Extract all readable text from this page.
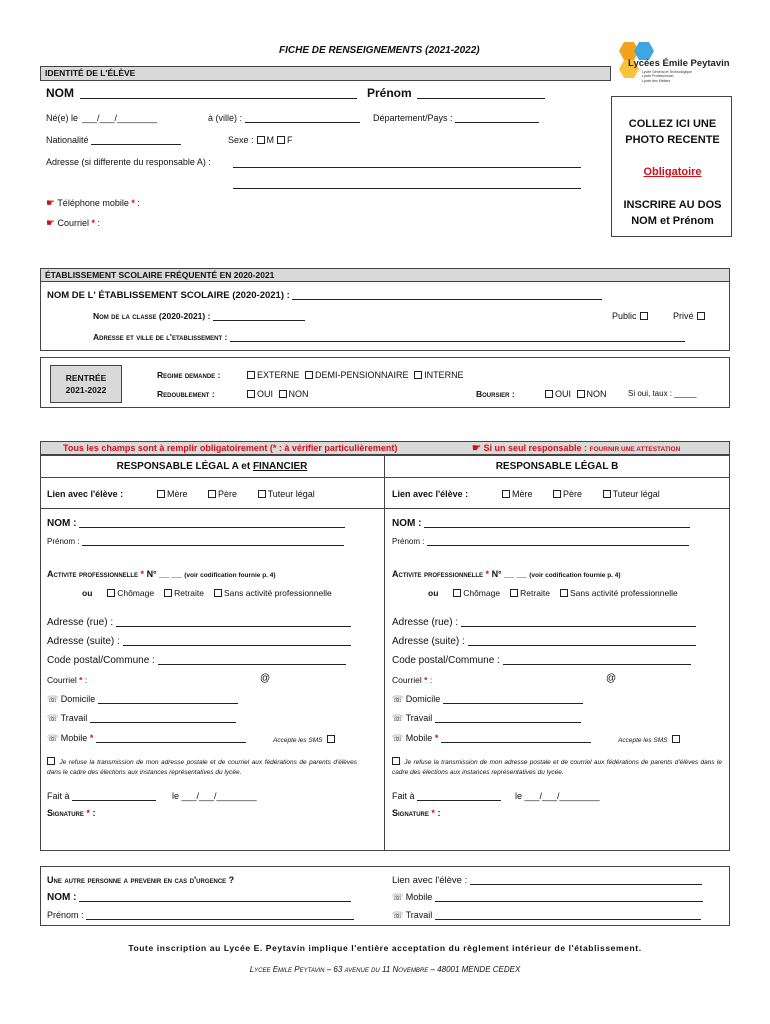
FICHE DE RENSEIGNEMENTS (2021-2022)
Lycées Émile Peytavin
Lycée Général et Technologique
Lycée Professionnel
Lycée des Métiers
COLLEZ ICI UNE
PHOTO RECENTE
Obligatoire
INSCRIRE AU DOS
NOM et Prénom
IDENTITÉ DE L'ÉLÈVE
NOM	Prénom
Né(e) le ___/___/________	à (ville) :	Département/Pays :
Nationalité	Sexe : M F
Adresse (si differente du responsable A) :
☛ Téléphone mobile * :
☛ Courriel * :
ÉTABLISSEMENT SCOLAIRE FRÉQUENTÉ EN 2020-2021
NOM DE L' ÉTABLISSEMENT SCOLAIRE (2020-2021) :
Nom de la classe (2020-2021) :	Public	Privé
Adresse et ville de l'etablissement :
RENTRÉE
2021-2022
Regime demande :	EXTERNE DEMI-PENSIONNAIRE INTERNE
Redoublement :	OUI NON	Boursier :	OUI NON	Si oui, taux : _____
Tous les champs sont à remplir obligatoirement (* : à vérifier particulièrement)	☛ Si un seul responsable : FOURNIR UNE ATTESTATION
RESPONSABLE LÉGAL A et FINANCIER	RESPONSABLE LÉGAL B
Lien avec l'élève :	Mère	Père	Tuteur légal
NOM :
Prénom :
Activite professionnelle * N° __ __ (voir codification fournie p. 4)
ou	Chômage Retraite Sans activité professionnelle
Adresse (rue) :
Adresse (suite) :
Code postal/Commune :
Courriel * :	@
☏ Domicile
☏ Travail
☏ Mobile *	Accepte les SMS
Je refuse la transmission de mon adresse postale et de courriel aux fédérations de parents d'élèves dans le cadre des élections aux instances représentatives du lycée.
Fait à	le ___/___/________
Signature * :
Lien avec l'élève :	Mère	Père	Tuteur légal
NOM :
Prénom :
Activite professionnelle * N° __ __ (voir codification fournie p. 4)
ou	Chômage Retraite Sans activité professionnelle
Adresse (rue) :
Adresse (suite) :
Code postal/Commune :
Courriel * :	@
☏ Domicile
☏ Travail
☏ Mobile *	Accepte les SMS
Je refuse la transmission de mon adresse postale et de courriel aux fédérations de parents d'élèves dans le cadre des élections aux instances représentatives du lycée.
Fait à	le ___/___/________
Signature * :
Une autre personne a prevenir en cas d'urgence ?
NOM :
Prénom :
Lien avec l'élève :
☏ Mobile
☏ Travail
Toute inscription au Lycée E. Peytavin implique l'entière acceptation du règlement intérieur de l'établissement.
Lycee Emile Peytavin – 63 avenue du 11 Novembre – 48001 MENDE CEDEX
